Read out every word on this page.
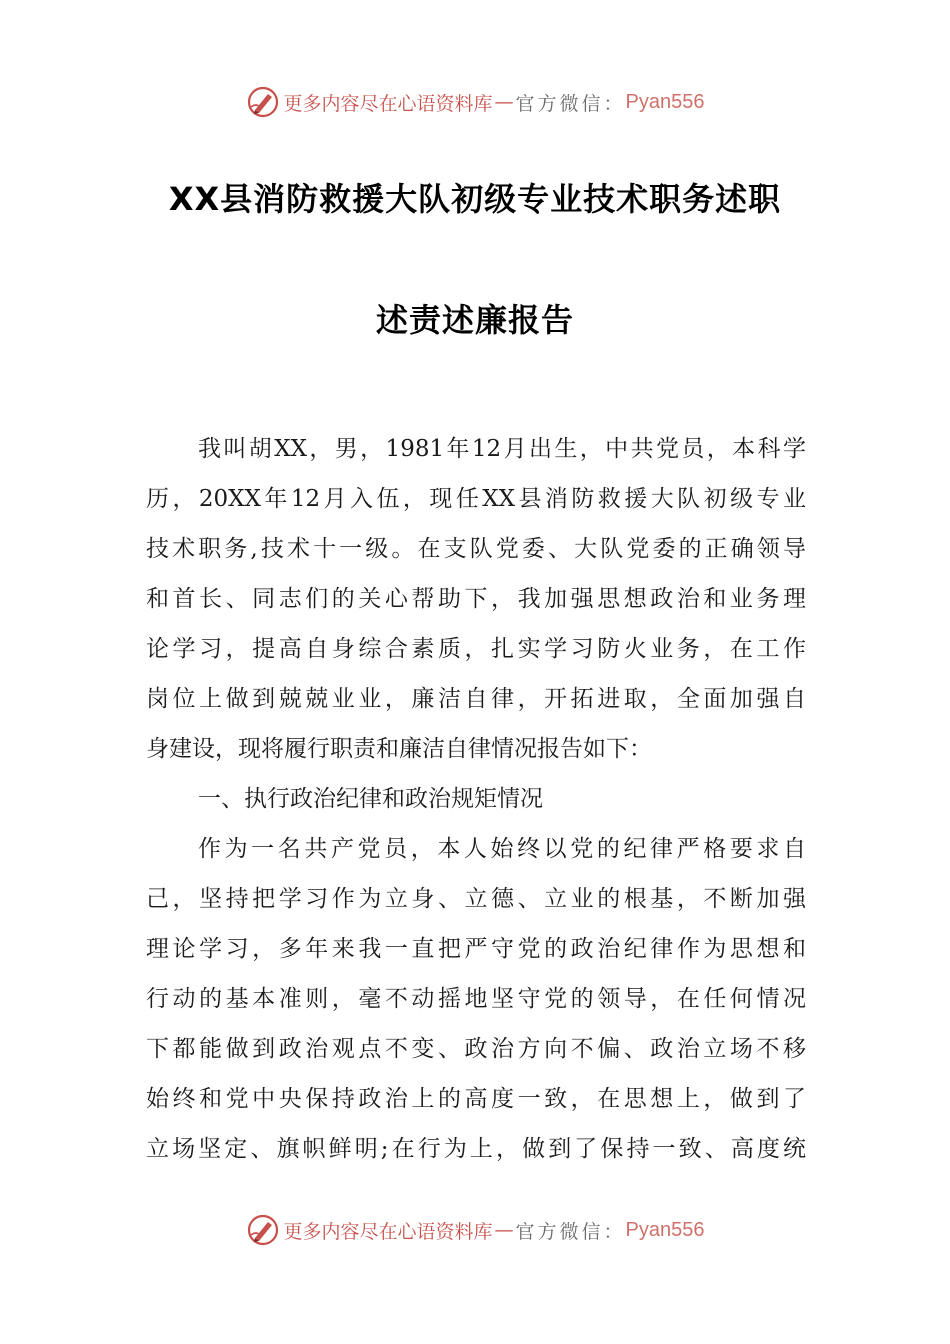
更多内容尽在心语资料库 — 官方微信： Pyan556
XX县消防救援大队初级专业技术职务述职
述责述廉报告
我叫胡XX，男，1981年12月出生，中共党员，本科学
历，20XX年12月入伍，现任XX县消防救援大队初级专业
技术职务,技术十一级。在支队党委、大队党委的正确领导
和首长、同志们的关心帮助下，我加强思想政治和业务理
论学习，提高自身综合素质，扎实学习防火业务，在工作
岗位上做到兢兢业业，廉洁自律，开拓进取，全面加强自
身建设，现将履行职责和廉洁自律情况报告如下：
一、执行政治纪律和政治规矩情况
作为一名共产党员，本人始终以党的纪律严格要求自
己，坚持把学习作为立身、立德、立业的根基，不断加强
理论学习，多年来我一直把严守党的政治纪律作为思想和
行动的基本准则，毫不动摇地坚守党的领导，在任何情况
下都能做到政治观点不变、政治方向不偏、政治立场不移
始终和党中央保持政治上的高度一致，在思想上，做到了
立场坚定、旗帜鲜明;在行为上，做到了保持一致、高度统
更多内容尽在心语资料库 — 官方微信： Pyan556
